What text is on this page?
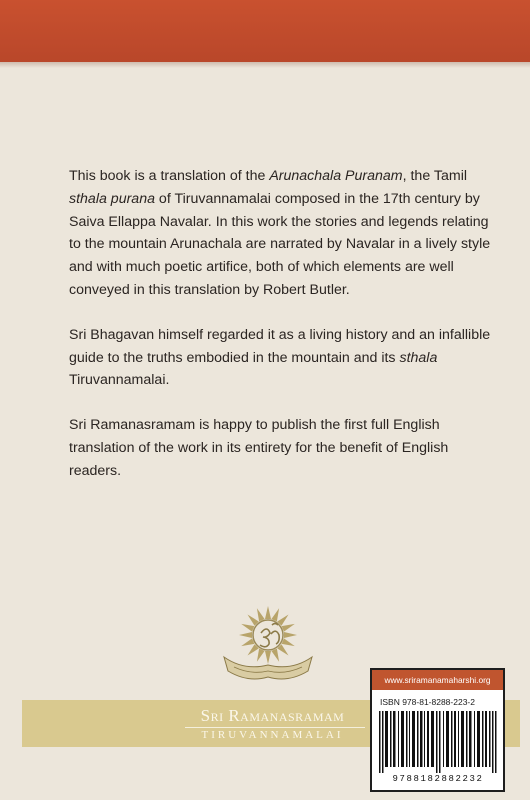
This book is a translation of the Arunachala Puranam, the Tamil sthala purana of Tiruvannamalai composed in the 17th century by Saiva Ellappa Navalar. In this work the stories and legends relating to the mountain Arunachala are narrated by Navalar in a lively style and with much poetic artifice, both of which elements are well conveyed in this translation by Robert Butler.

Sri Bhagavan himself regarded it as a living history and an infallible guide to the truths embodied in the mountain and its sthala Tiruvannamalai.

Sri Ramanasramam is happy to publish the first full English translation of the work in its entirety for the benefit of English readers.

Sri Ramanasramam
TIRUVANNAMALAI
www.sriramanamaharshi.org
ISBN 978-81-8288-223-2
9788182882232
